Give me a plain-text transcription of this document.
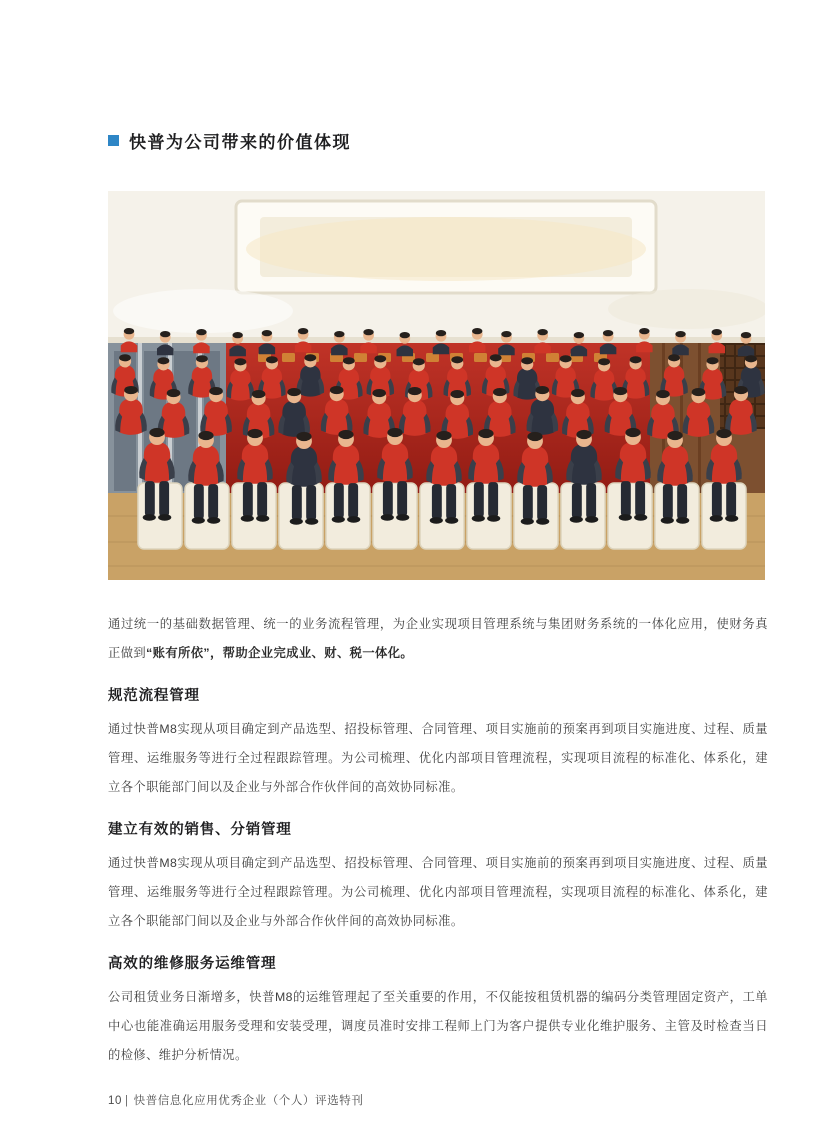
快普为公司带来的价值体现

通过统一的基础数据管理、统一的业务流程管理，为企业实现项目管理系统与集团财务系统的一体化应用，使财务真正做到“账有所依”，帮助企业完成业、财、税一体化。

规范流程管理

通过快普M8实现从项目确定到产品选型、招投标管理、合同管理、项目实施前的预案再到项目实施进度、过程、质量管理、运维服务等进行全过程跟踪管理。为公司梳理、优化内部项目管理流程，实现项目流程的标准化、体系化，建立各个职能部门间以及企业与外部合作伙伴间的高效协同标准。

建立有效的销售、分销管理

通过快普M8实现从项目确定到产品选型、招投标管理、合同管理、项目实施前的预案再到项目实施进度、过程、质量管理、运维服务等进行全过程跟踪管理。为公司梳理、优化内部项目管理流程，实现项目流程的标准化、体系化，建立各个职能部门间以及企业与外部合作伙伴间的高效协同标准。

高效的维修服务运维管理

公司租赁业务日渐增多，快普M8的运维管理起了至关重要的作用，不仅能按租赁机器的编码分类管理固定资产，工单中心也能准确运用服务受理和安装受理，调度员准时安排工程师上门为客户提供专业化维护服务、主管及时检查当日的检修、维护分析情况。

10 | 快普信息化应用优秀企业（个人）评选特刊
